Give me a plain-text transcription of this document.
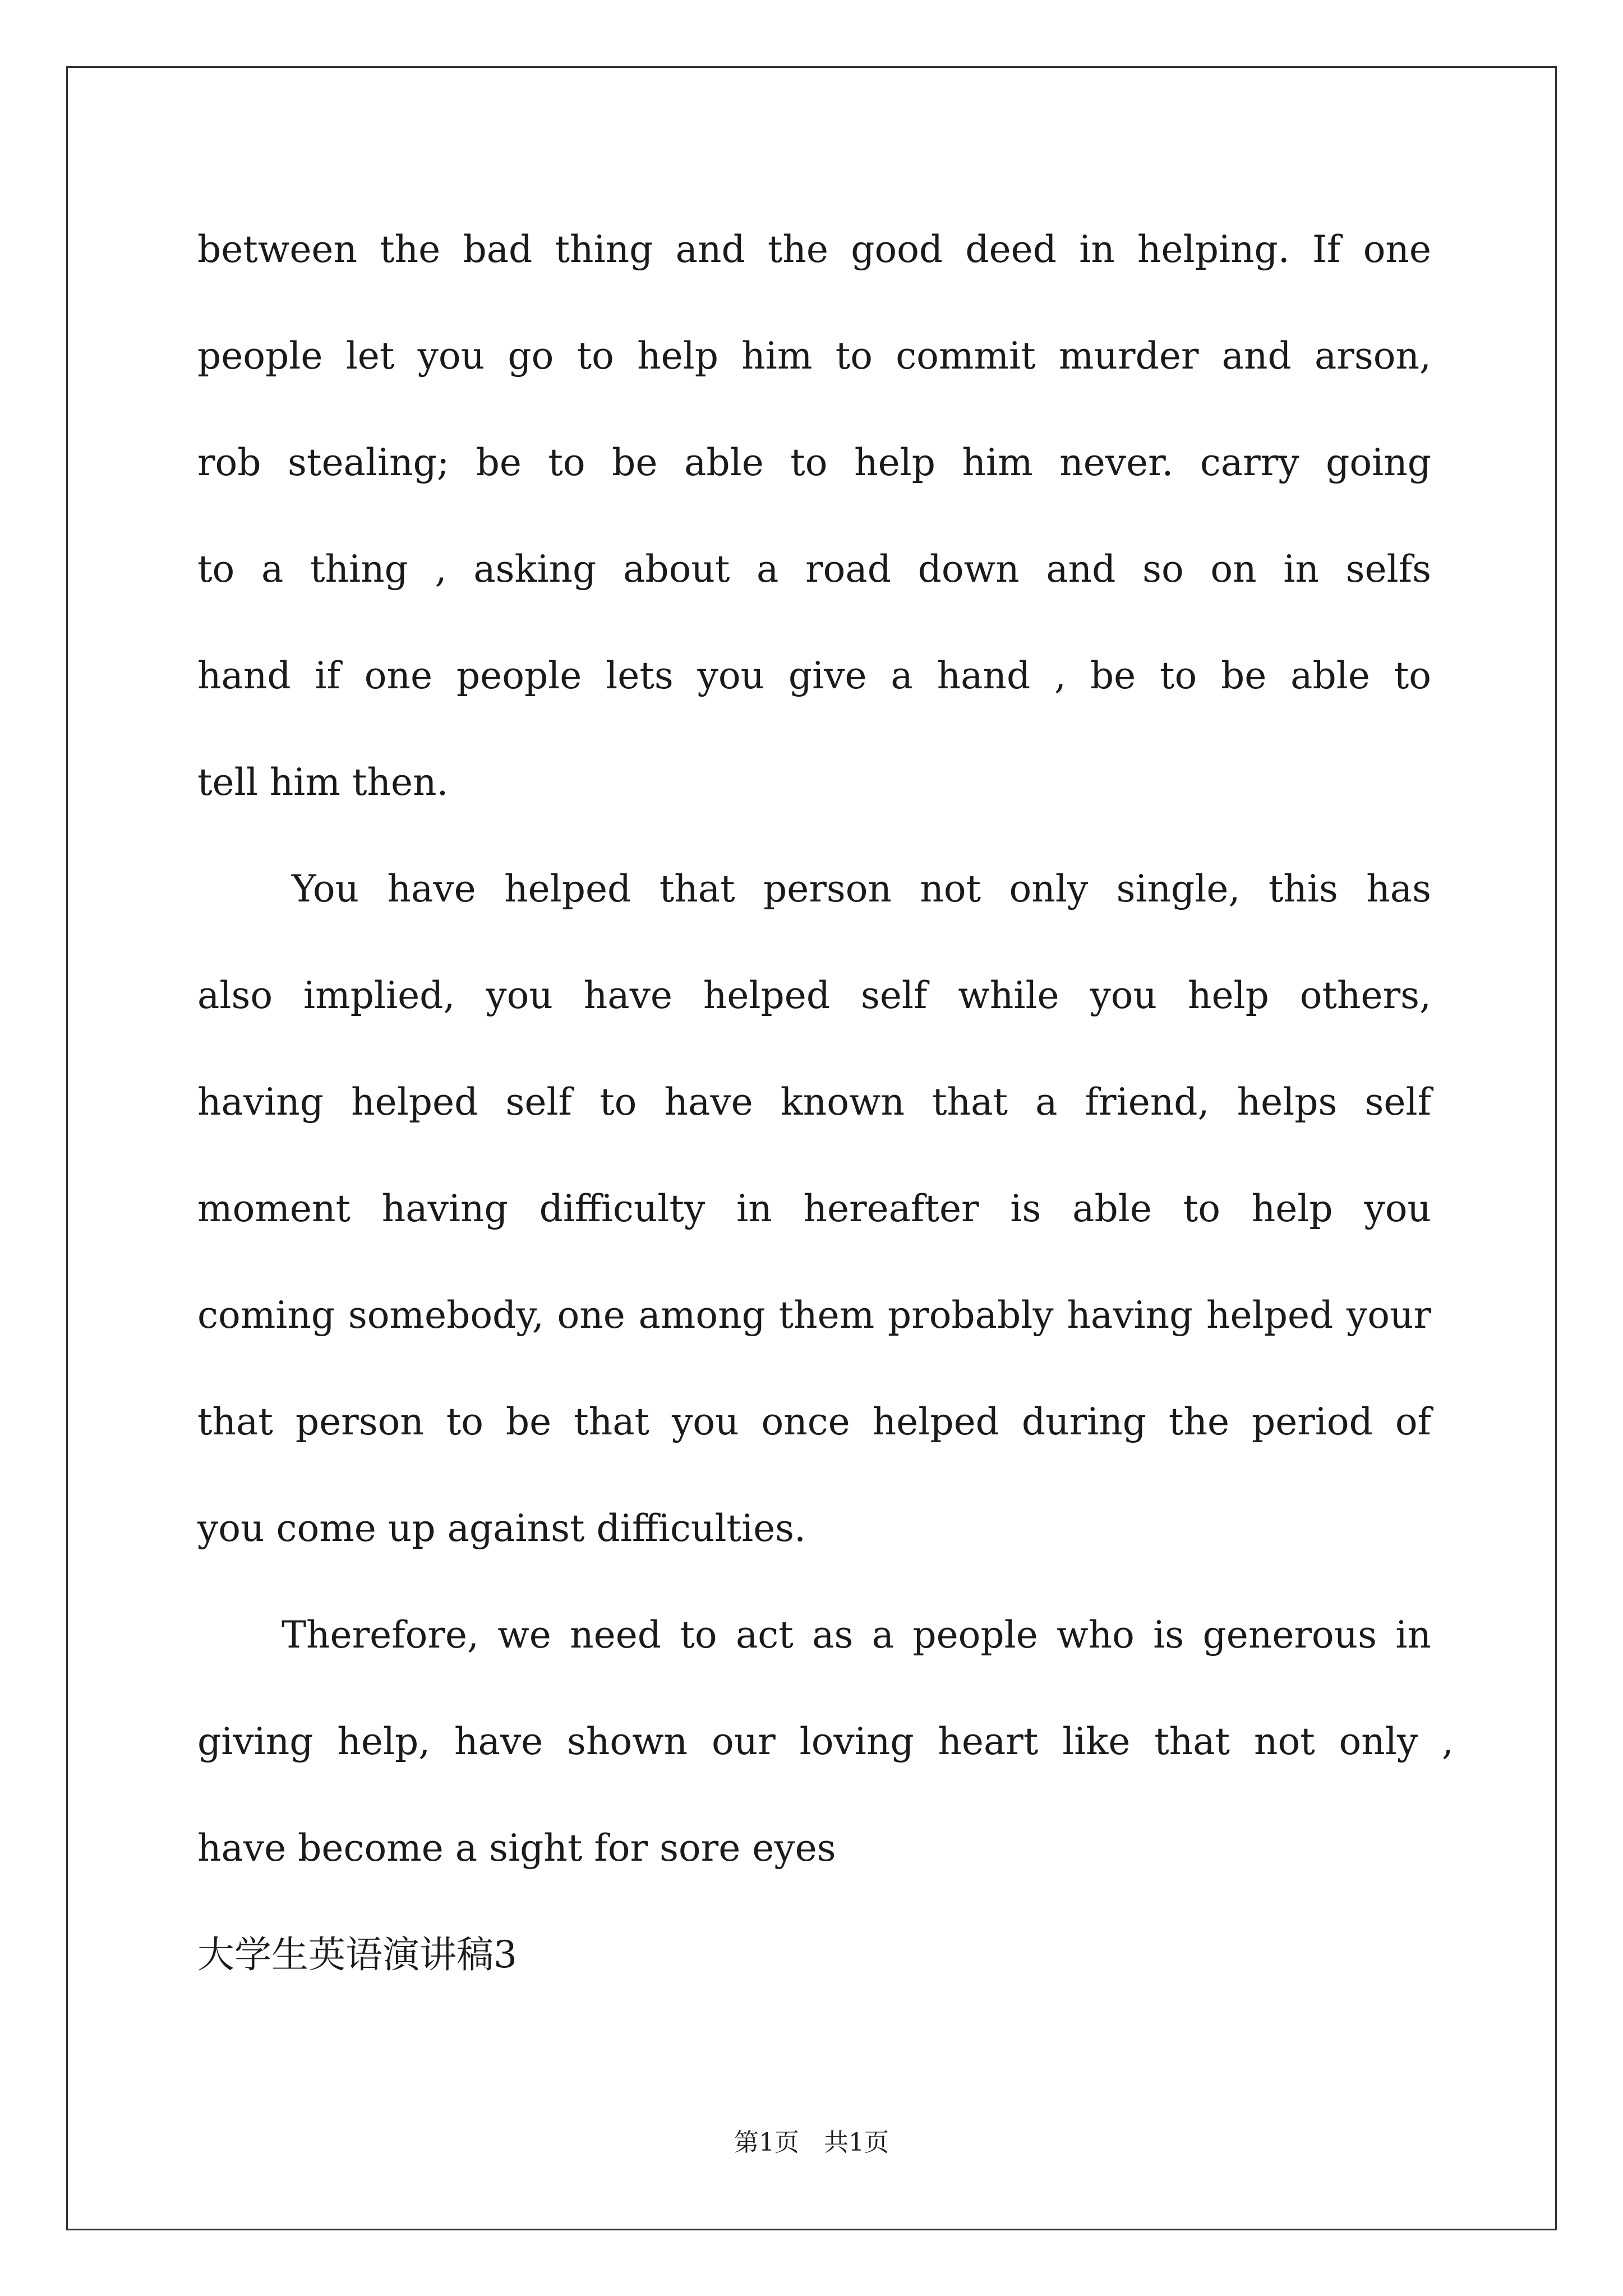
between the bad thing and the good deed in helping. If one
people let you go to help him to commit murder and arson,
rob stealing; be to be able to help him never. carry going
to a thing , asking about a road down and so on in selfs
hand if one people lets you give a hand , be to be able to
tell him then.
You have helped that person not only single, this has
also implied, you have helped self while you help others,
having helped self to have known that a friend, helps self
moment having difficulty in hereafter is able to help you
coming somebody, one among them probably having helped your
that person to be that you once helped during the period of
you come up against difficulties.
Therefore, we need to act as a people who is generous in
giving help, have shown our loving heart like that not only ,
have become a sight for sore eyes
大学生英语演讲稿3
第1页　共1页
